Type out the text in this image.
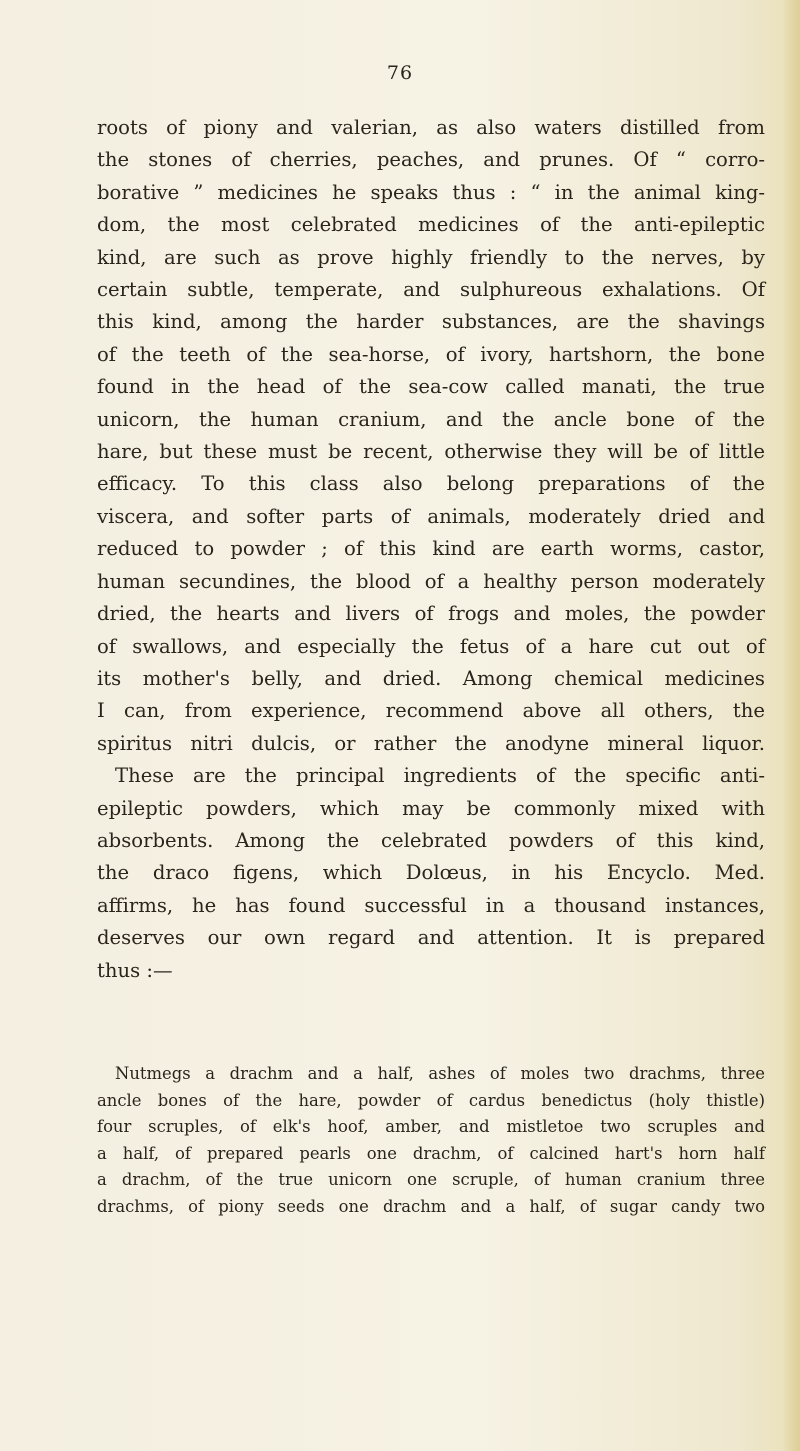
76
roots of piony and valerian, as also waters distilled from
the stones of cherries, peaches, and prunes. Of “ corro-
borative ” medicines he speaks thus : “ in the animal king-
dom, the most celebrated medicines of the anti-epileptic
kind, are such as prove highly friendly to the nerves, by
certain subtle, temperate, and sulphureous exhalations. Of
this kind, among the harder substances, are the shavings
of the teeth of the sea-horse, of ivory, hartshorn, the bone
found in the head of the sea-cow called manati, the true
unicorn, the human cranium, and the ancle bone of the
hare, but these must be recent, otherwise they will be of little
efficacy. To this class also belong preparations of the
viscera, and softer parts of animals, moderately dried and
reduced to powder ; of this kind are earth worms, castor,
human secundines, the blood of a healthy person moderately
dried, the hearts and livers of frogs and moles, the powder
of swallows, and especially the fetus of a hare cut out of
its mother's belly, and dried. Among chemical medicines
I can, from experience, recommend above all others, the
spiritus nitri dulcis, or rather the anodyne mineral liquor.
These are the principal ingredients of the specific anti-
epileptic powders, which may be commonly mixed with
absorbents. Among the celebrated powders of this kind,
the draco figens, which Dolœus, in his Encyclo. Med.
affirms, he has found successful in a thousand instances,
deserves our own regard and attention. It is prepared
thus :—
Nutmegs a drachm and a half, ashes of moles two drachms, three
ancle bones of the hare, powder of cardus benedictus (holy thistle)
four scruples, of elk's hoof, amber, and mistletoe two scruples and
a half, of prepared pearls one drachm, of calcined hart's horn half
a drachm, of the true unicorn one scruple, of human cranium three
drachms, of piony seeds one drachm and a half, of sugar candy two
